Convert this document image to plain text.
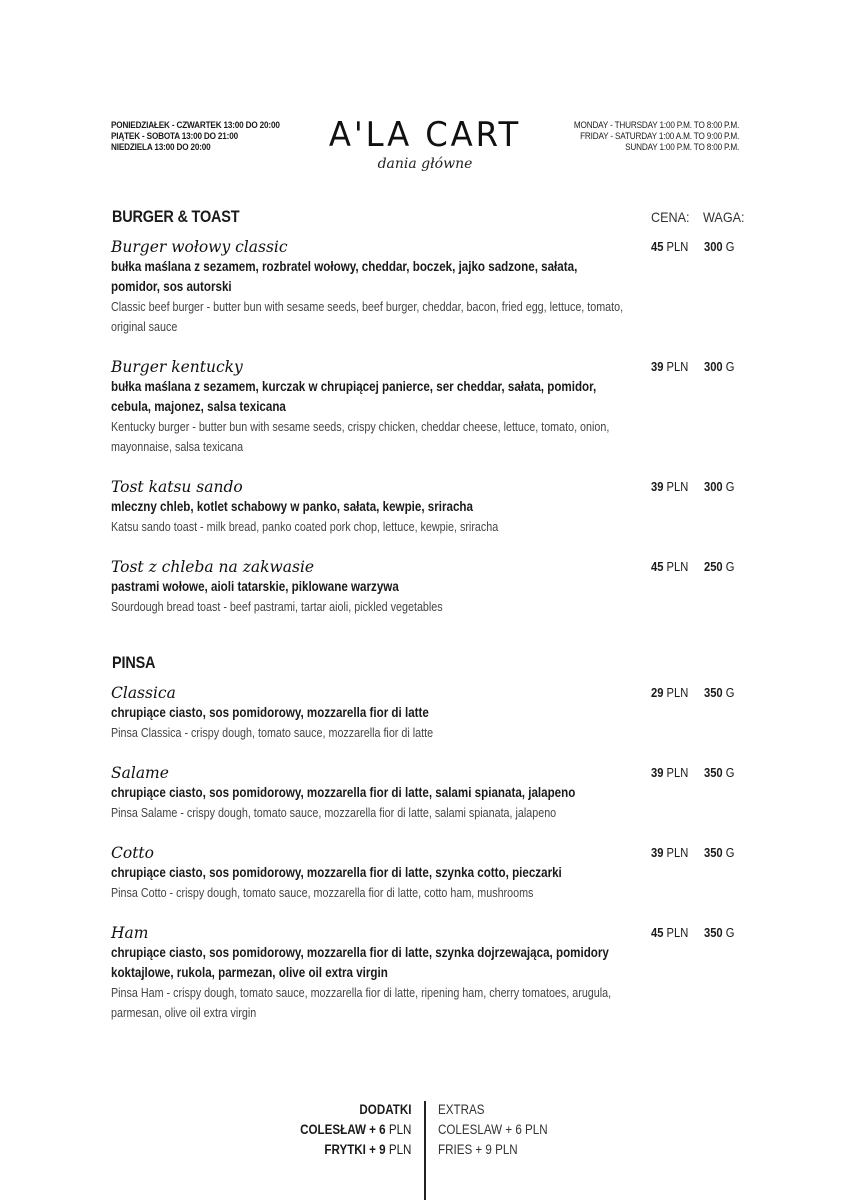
PONIEDZIAŁEK - CZWARTEK 13:00 DO 20:00
PIĄTEK - SOBOTA 13:00 DO 21:00
NIEDZIELA 13:00 DO 20:00	A'LA CART
dania główne
MONDAY - THURSDAY 1:00 P.M. TO 8:00 P.M.
FRIDAY - SATURDAY 1:00 A.M. TO 9:00 P.M.
SUNDAY 1:00 P.M. TO 8:00 P.M.
BURGER & TOAST	CENA: WAGA:
Burger wołowy classic
bułka maślana z sezamem, rozbratel wołowy, cheddar, boczek, jajko sadzone, sałata, pomidor, sos autorski
Classic beef burger - butter bun with sesame seeds, beef burger, cheddar, bacon, fried egg, lettuce, tomato, original sauce
45 PLN 300 G
Burger kentucky
bułka maślana z sezamem, kurczak w chrupiącej panierce, ser cheddar, sałata, pomidor, cebula, majonez, salsa texicana
Kentucky burger - butter bun with sesame seeds, crispy chicken, cheddar cheese, lettuce, tomato, onion, mayonnaise, salsa texicana
39 PLN 300 G
Tost katsu sando
mleczny chleb, kotlet schabowy w panko, sałata, kewpie, sriracha
Katsu sando toast - milk bread, panko coated pork chop, lettuce, kewpie, sriracha
39 PLN 300 G
Tost z chleba na zakwasie
pastrami wołowe, aioli tatarskie, piklowane warzywa
Sourdough bread toast - beef pastrami, tartar aioli, pickled vegetables
45 PLN 250 G
PINSA
Classica
chrupiące ciasto, sos pomidorowy, mozzarella fior di latte
Pinsa Classica - crispy dough, tomato sauce, mozzarella fior di latte
29 PLN 350 G
Salame
chrupiące ciasto, sos pomidorowy, mozzarella fior di latte, salami spianata, jalapeno
Pinsa Salame - crispy dough, tomato sauce, mozzarella fior di latte, salami spianata, jalapeno
39 PLN 350 G
Cotto
chrupiące ciasto, sos pomidorowy, mozzarella fior di latte, szynka cotto, pieczarki
Pinsa Cotto - crispy dough, tomato sauce, mozzarella fior di latte, cotto ham, mushrooms
39 PLN 350 G
Ham
chrupiące ciasto, sos pomidorowy, mozzarella fior di latte, szynka dojrzewająca, pomidory koktajlowe, rukola, parmezan, olive oil extra virgin
Pinsa Ham - crispy dough, tomato sauce, mozzarella fior di latte, ripening ham, cherry tomatoes, arugula, parmesan, olive oil extra virgin
45 PLN 350 G
DODATKI
COLESŁAW + 6 PLN
FRYTKI + 9 PLN
EXTRAS
COLESLAW + 6 PLN
FRIES + 9 PLN
